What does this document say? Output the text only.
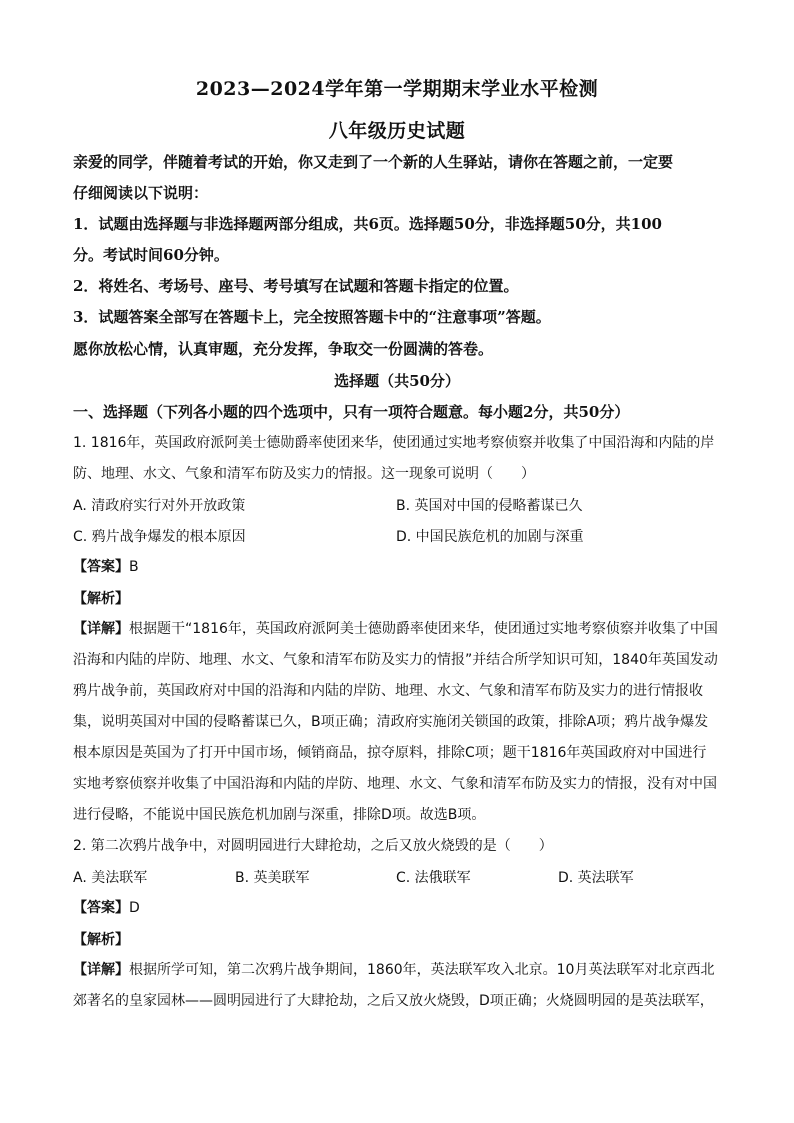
2023—2024学年第一学期期末学业水平检测
八年级历史试题
亲爱的同学，伴随着考试的开始，你又走到了一个新的人生驿站，请你在答题之前，一定要
仔细阅读以下说明：
1．试题由选择题与非选择题两部分组成，共6页。选择题50分，非选择题50分，共100
分。考试时间60分钟。
2．将姓名、考场号、座号、考号填写在试题和答题卡指定的位置。
3．试题答案全部写在答题卡上，完全按照答题卡中的“注意事项”答题。
愿你放松心情，认真审题，充分发挥，争取交一份圆满的答卷。
选择题（共50分）
一、选择题（下列各小题的四个选项中，只有一项符合题意。每小题2分，共50分）
1. 1816年，英国政府派阿美士德勋爵率使团来华，使团通过实地考察侦察并收集了中国沿海和内陆的岸
防、地理、水文、气象和清军布防及实力的情报。这一现象可说明（　　）
A. 清政府实行对外开放政策	B. 英国对中国的侵略蓄谋已久
C. 鸦片战争爆发的根本原因	D. 中国民族危机的加剧与深重
【答案】B
【解析】
【详解】根据题干“1816年，英国政府派阿美士德勋爵率使团来华，使团通过实地考察侦察并收集了中国
沿海和内陆的岸防、地理、水文、气象和清军布防及实力的情报”并结合所学知识可知，1840年英国发动
鸦片战争前，英国政府对中国的沿海和内陆的岸防、地理、水文、气象和清军布防及实力的进行情报收
集，说明英国对中国的侵略蓄谋已久，B项正确；清政府实施闭关锁国的政策，排除A项；鸦片战争爆发
根本原因是英国为了打开中国市场，倾销商品，掠夺原料，排除C项；题干1816年英国政府对中国进行
实地考察侦察并收集了中国沿海和内陆的岸防、地理、水文、气象和清军布防及实力的情报，没有对中国
进行侵略，不能说中国民族危机加剧与深重，排除D项。故选B项。
2. 第二次鸦片战争中，对圆明园进行大肆抢劫，之后又放火烧毁的是（　　）
A. 美法联军	B. 英美联军	C. 法俄联军	D. 英法联军
【答案】D
【解析】
【详解】根据所学可知，第二次鸦片战争期间，1860年，英法联军攻入北京。10月英法联军对北京西北
郊著名的皇家园林——圆明园进行了大肆抢劫，之后又放火烧毁，D项正确；火烧圆明园的是英法联军，
